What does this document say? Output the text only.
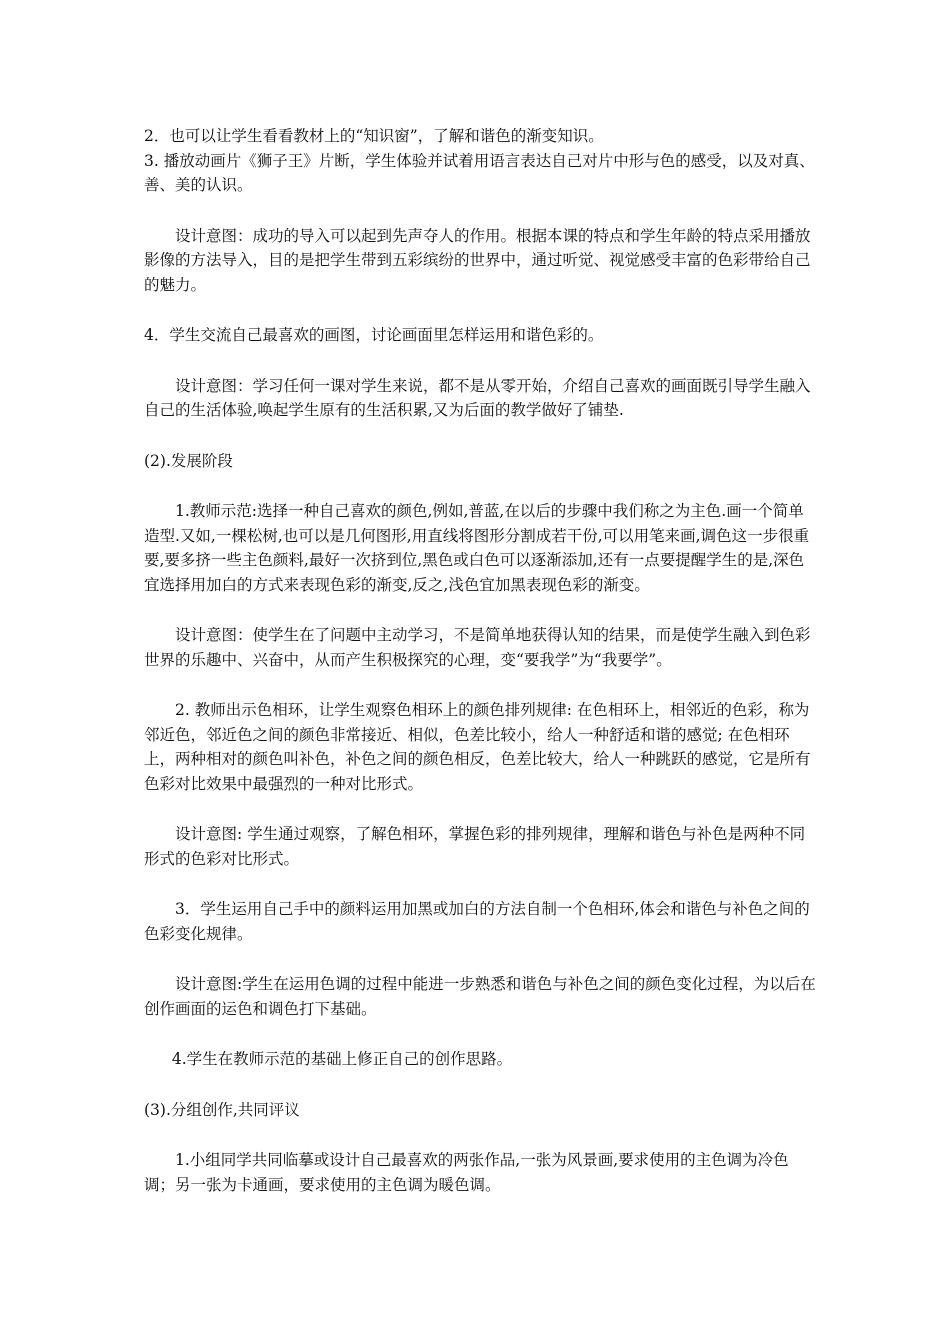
2．也可以让学生看看教材上的“知识窗”，了解和谐色的渐变知识。

3. 播放动画片《狮子王》片断，学生体验并试着用语言表达自己对片中形与色的感受，以及对真、善、美的认识。

设计意图：成功的导入可以起到先声夺人的作用。根据本课的特点和学生年龄的特点采用播放影像的方法导入，目的是把学生带到五彩缤纷的世界中，通过听觉、视觉感受丰富的色彩带给自己的魅力。

4．学生交流自己最喜欢的画图，讨论画面里怎样运用和谐色彩的。

设计意图：学习任何一课对学生来说，都不是从零开始，介绍自己喜欢的画面既引导学生融入自己的生活体验,唤起学生原有的生活积累,又为后面的教学做好了铺垫.

(2).发展阶段

1.教师示范:选择一种自己喜欢的颜色,例如,普蓝,在以后的步骤中我们称之为主色.画一个简单造型.又如,一棵松树,也可以是几何图形,用直线将图形分割成若干份,可以用笔来画,调色这一步很重要,要多挤一些主色颜料,最好一次挤到位,黑色或白色可以逐渐添加,还有一点要提醒学生的是,深色宜选择用加白的方式来表现色彩的渐变,反之,浅色宜加黑表现色彩的渐变。

设计意图：使学生在了问题中主动学习，不是简单地获得认知的结果，而是使学生融入到色彩世界的乐趣中、兴奋中，从而产生积极探究的心理，变“要我学”为“我要学”。

2. 教师出示色相环，让学生观察色相环上的颜色排列规律: 在色相环上，相邻近的色彩，称为邻近色，邻近色之间的颜色非常接近、相似，色差比较小，给人一种舒适和谐的感觉; 在色相环上，两种相对的颜色叫补色，补色之间的颜色相反，色差比较大，给人一种跳跃的感觉，它是所有色彩对比效果中最强烈的一种对比形式。

设计意图: 学生通过观察，了解色相环，掌握色彩的排列规律，理解和谐色与补色是两种不同形式的色彩对比形式。

3．学生运用自己手中的颜料运用加黑或加白的方法自制一个色相环,体会和谐色与补色之间的色彩变化规律。

设计意图:学生在运用色调的过程中能进一步熟悉和谐色与补色之间的颜色变化过程，为以后在创作画面的运色和调色打下基础。

4.学生在教师示范的基础上修正自己的创作思路。

(3).分组创作,共同评议

1.小组同学共同临摹或设计自己最喜欢的两张作品,一张为风景画,要求使用的主色调为冷色调；另一张为卡通画，要求使用的主色调为暖色调。
